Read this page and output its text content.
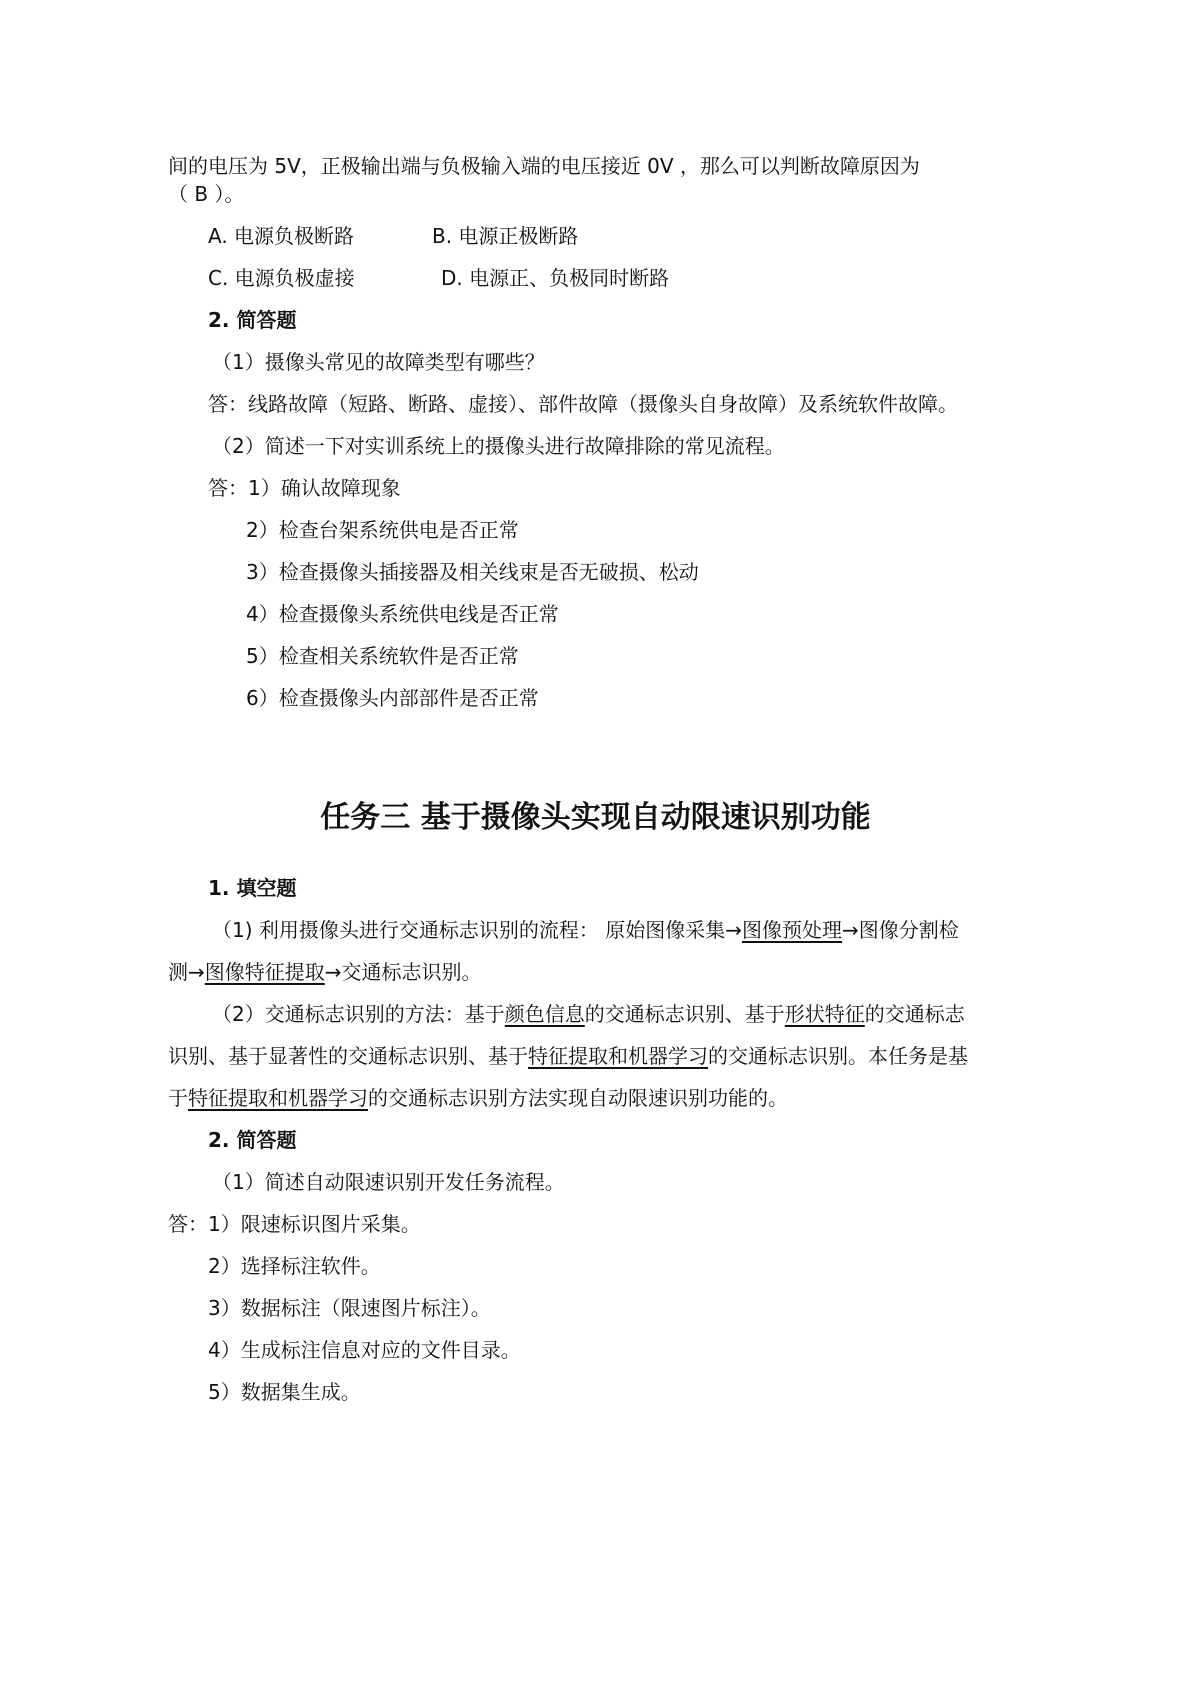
间的电压为 5V，正极输出端与负极输入端的电压接近 0V ，那么可以判断故障原因为
（ B ）。
A. 电源负极断路	B. 电源正极断路
C. 电源负极虚接	D. 电源正、负极同时断路
2. 简答题
（1）摄像头常见的故障类型有哪些？
答：线路故障（短路、断路、虚接）、部件故障（摄像头自身故障）及系统软件故障。
（2）简述一下对实训系统上的摄像头进行故障排除的常见流程。
答：1）确认故障现象
2）检查台架系统供电是否正常
3）检查摄像头插接器及相关线束是否无破损、松动
4）检查摄像头系统供电线是否正常
5）检查相关系统软件是否正常
6）检查摄像头内部部件是否正常
任务三 基于摄像头实现自动限速识别功能
1. 填空题
（1) 利用摄像头进行交通标志识别的流程： 原始图像采集→图像预处理→图像分割检
测→图像特征提取→交通标志识别。
（2）交通标志识别的方法：基于颜色信息的交通标志识别、基于形状特征的交通标志
识别、基于显著性的交通标志识别、基于特征提取和机器学习的交通标志识别。本任务是基
于特征提取和机器学习的交通标志识别方法实现自动限速识别功能的。
2. 简答题
（1）简述自动限速识别开发任务流程。
答：1）限速标识图片采集。
2）选择标注软件。
3）数据标注（限速图片标注）。
4）生成标注信息对应的文件目录。
5）数据集生成。
